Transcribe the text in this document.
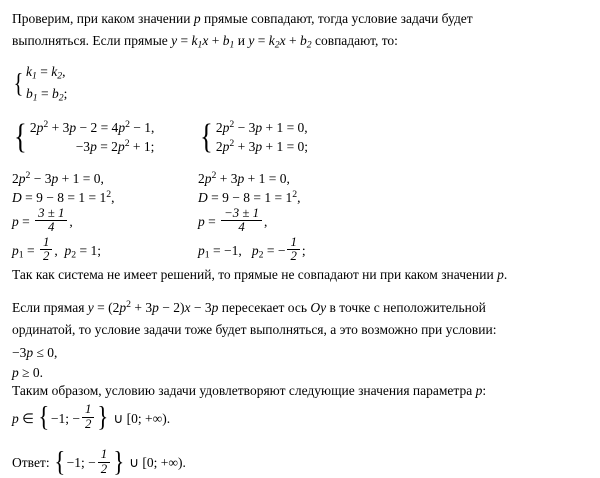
Проверим, при каком значении p прямые совпадают, тогда условие задачи будет
выполняться. Если прямые $y = k_1x + b_1$ и $y = k_2x + b_2$ совпадают, то:
{ $k_1 = k_2$,
$b_1 = b_2$;
{ $2p^2 + 3p - 2 = 4p^2 - 1$,
$-3p = 2p^2 + 1$; { $2p^2 - 3p + 1 = 0$,
$2p^2 + 3p + 1 = 0$;
$2p^2 - 3p + 1 = 0$,
$D = 9 - 8 = 1 = 1^2$,
$p = \frac{3 \pm 1}{4}$ ,
$p_1 = \frac{1}{2}$ ,  $p_2 = 1$;
$2p^2 + 3p + 1 = 0$,
$D = 9 - 8 = 1 = 1^2$,
$p = \frac{-3 \pm 1}{4}$ ,
$p_1 = -1$,   $p_2$ = − $\frac{1}{2}$ ;
Так как система не имеет решений, то прямые не совпадают ни при каком значении p.
Если прямая $y = (2p^2 + 3p - 2)x - 3p$ пересекает ось Oy в точке с неположительной
ординатой, то условие задачи тоже будет выполняться, а это возможно при условии:
−3p ≤ 0,
p ≥ 0.
Таким образом, условию задачи удовлетворяют следующие значения параметра p:
p ∈ {−1; − $\frac{1}{2}$ } ∪ [0; +∞).
Ответ: {−1; − $\frac{1}{2}$ } ∪ [0; +∞).
